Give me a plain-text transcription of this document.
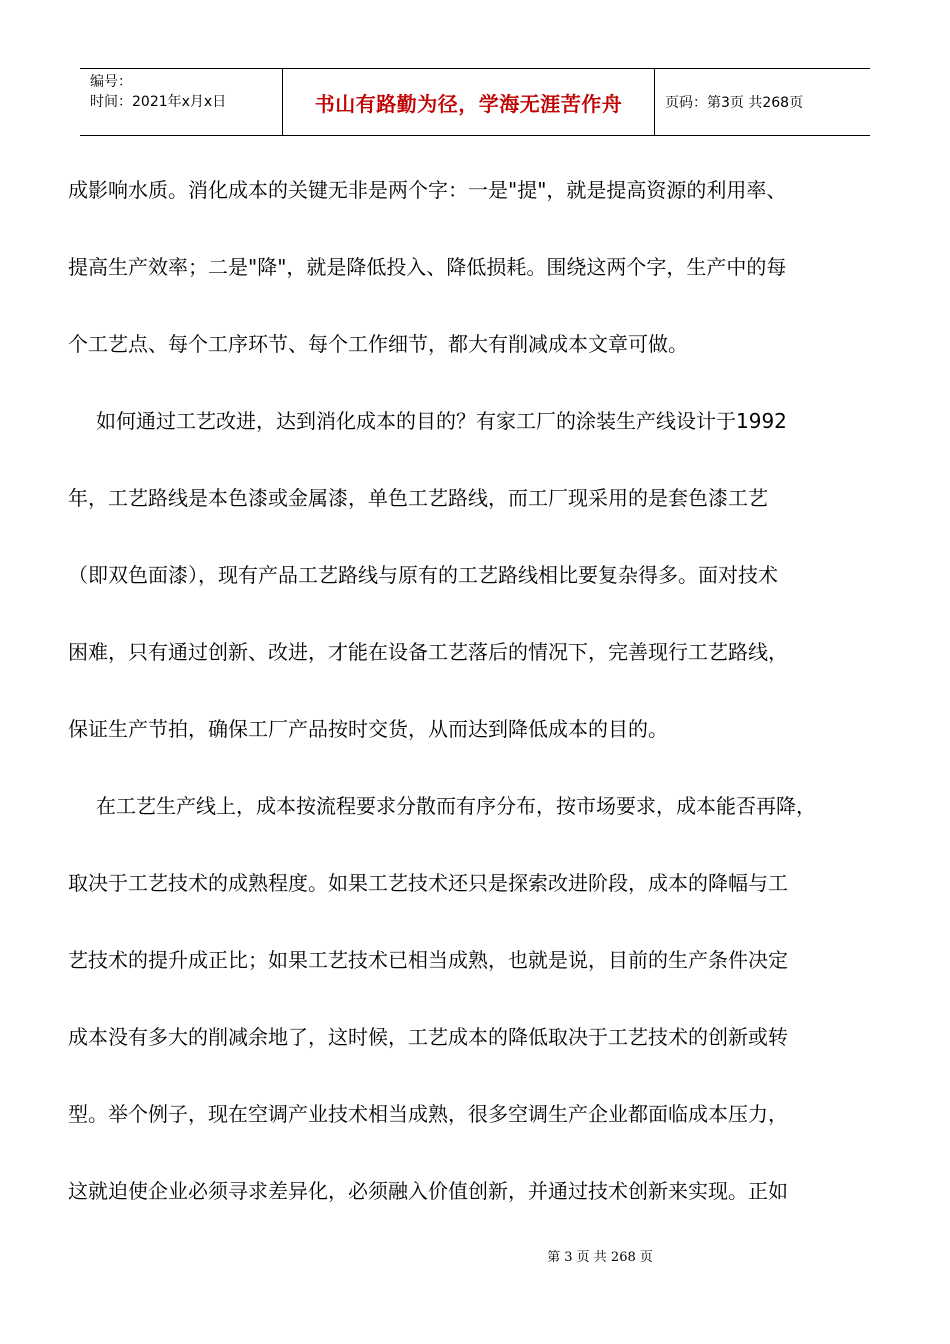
编号：
时间：2021年x月x日	书山有路勤为径，学海无涯苦作舟	页码：第3页 共268页

成影响水质。消化成本的关键无非是两个字：一是"提"，就是提高资源的利用率、

提高生产效率；二是"降"，就是降低投入、降低损耗。围绕这两个字，生产中的每

个工艺点、每个工序环节、每个工作细节，都大有削减成本文章可做。

如何通过工艺改进，达到消化成本的目的？有家工厂的涂装生产线设计于1992

年，工艺路线是本色漆或金属漆，单色工艺路线，而工厂现采用的是套色漆工艺

（即双色面漆），现有产品工艺路线与原有的工艺路线相比要复杂得多。面对技术

困难，只有通过创新、改进，才能在设备工艺落后的情况下，完善现行工艺路线，

保证生产节拍，确保工厂产品按时交货，从而达到降低成本的目的。

在工艺生产线上，成本按流程要求分散而有序分布，按市场要求，成本能否再降，

取决于工艺技术的成熟程度。如果工艺技术还只是探索改进阶段，成本的降幅与工

艺技术的提升成正比；如果工艺技术已相当成熟，也就是说，目前的生产条件决定

成本没有多大的削减余地了，这时候，工艺成本的降低取决于工艺技术的创新或转

型。举个例子，现在空调产业技术相当成熟，很多空调生产企业都面临成本压力，

这就迫使企业必须寻求差异化，必须融入价值创新，并通过技术创新来实现。正如

第 3 页 共 268 页
